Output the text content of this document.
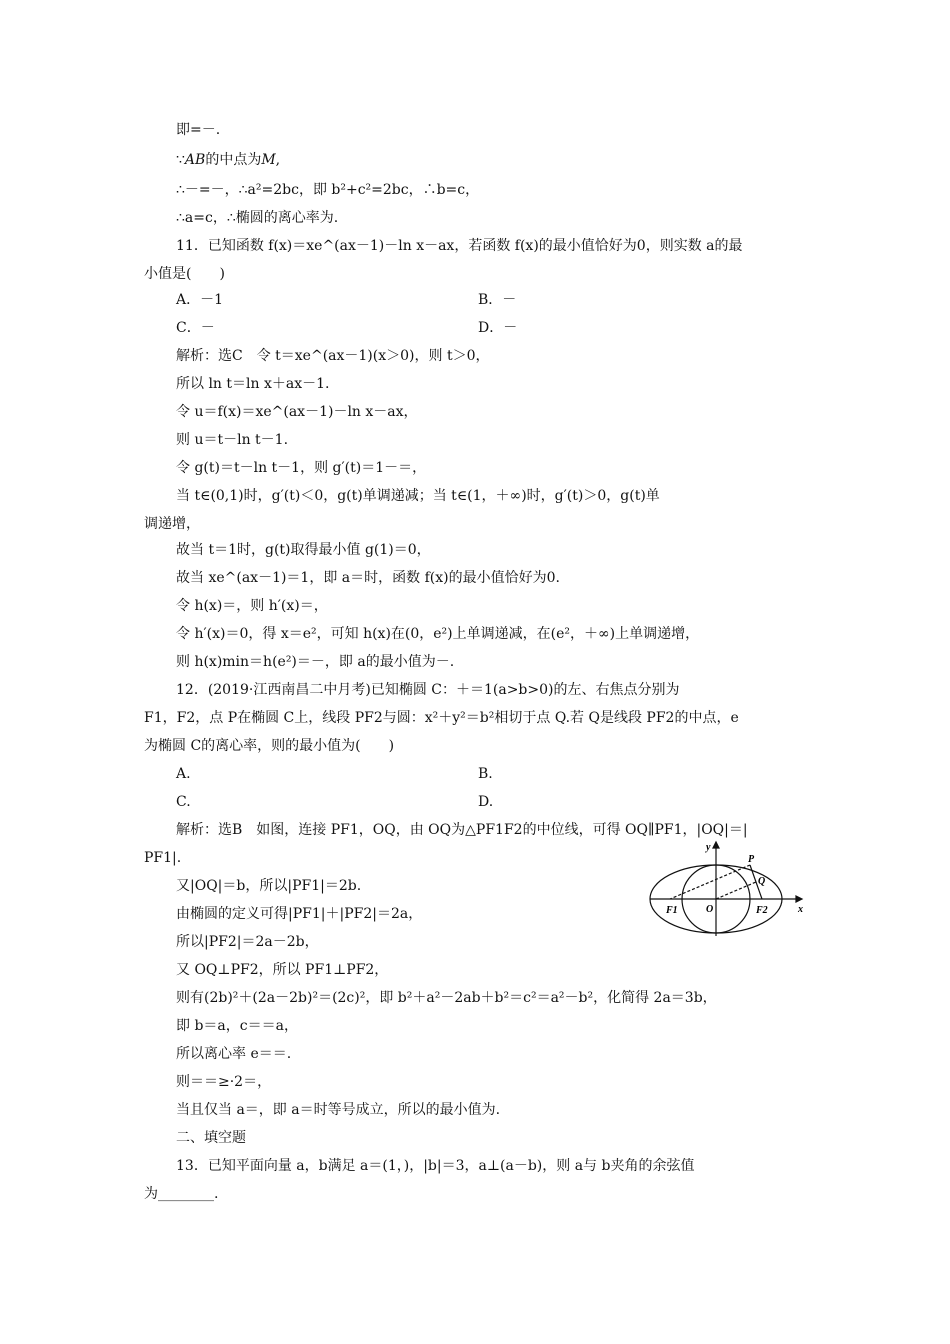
即=－.
∵AB的中点为M,
∴－=－，∴a²=2bc，即 b²+c²=2bc，∴b=c，
∴a=c，∴椭圆的离心率为.
11．已知函数 f(x)＝xe^(ax－1)－ln x－ax，若函数 f(x)的最小值恰好为0，则实数 a的最
小值是(　　)
A．－1	B．－
C．－	D．－
解析：选C　令 t＝xe^(ax－1)(x＞0)，则 t＞0，
所以 ln t＝ln x＋ax－1.
令 u＝f(x)＝xe^(ax－1)－ln x－ax，
则 u＝t－ln t－1.
令 g(t)＝t－ln t－1，则 g′(t)＝1－＝，
当 t∈(0,1)时，g′(t)＜0，g(t)单调递减；当 t∈(1，＋∞)时，g′(t)＞0，g(t)单
调递增，
故当 t＝1时，g(t)取得最小值 g(1)＝0，
故当 xe^(ax－1)＝1，即 a＝时，函数 f(x)的最小值恰好为0.
令 h(x)＝，则 h′(x)＝，
令 h′(x)＝0，得 x＝e²，可知 h(x)在(0，e²)上单调递减，在(e²，＋∞)上单调递增，
则 h(x)min＝h(e²)＝－，即 a的最小值为－.
12．(2019·江西南昌二中月考)已知椭圆 C：＋＝1(a>b>0)的左、右焦点分别为
F1，F2，点 P在椭圆 C上，线段 PF2与圆：x²＋y²＝b²相切于点 Q.若 Q是线段 PF2的中点，e
为椭圆 C的离心率，则的最小值为(　　)
A.	B.
C.	D.
解析：选B　如图，连接 PF1，OQ，由 OQ为△PF1F2的中位线，可得 OQ∥PF1，|OQ|＝|
PF1|.
又|OQ|＝b，所以|PF1|＝2b.
由椭圆的定义可得|PF1|＋|PF2|＝2a，
所以|PF2|＝2a－2b，
又 OQ⊥PF2，所以 PF1⊥PF2，
则有(2b)²＋(2a－2b)²＝(2c)²，即 b²＋a²－2ab＋b²＝c²＝a²－b²，化简得 2a＝3b，
即 b＝a，c＝＝a，
所以离心率 e＝＝.
则＝＝≥·2＝，
当且仅当 a＝，即 a＝时等号成立，所以的最小值为.
二、填空题
13．已知平面向量 a，b满足 a＝(1，)，|b|＝3，a⊥(a－b)，则 a与 b夹角的余弦值
为________.
y
x
P
Q
O
F1	F2
